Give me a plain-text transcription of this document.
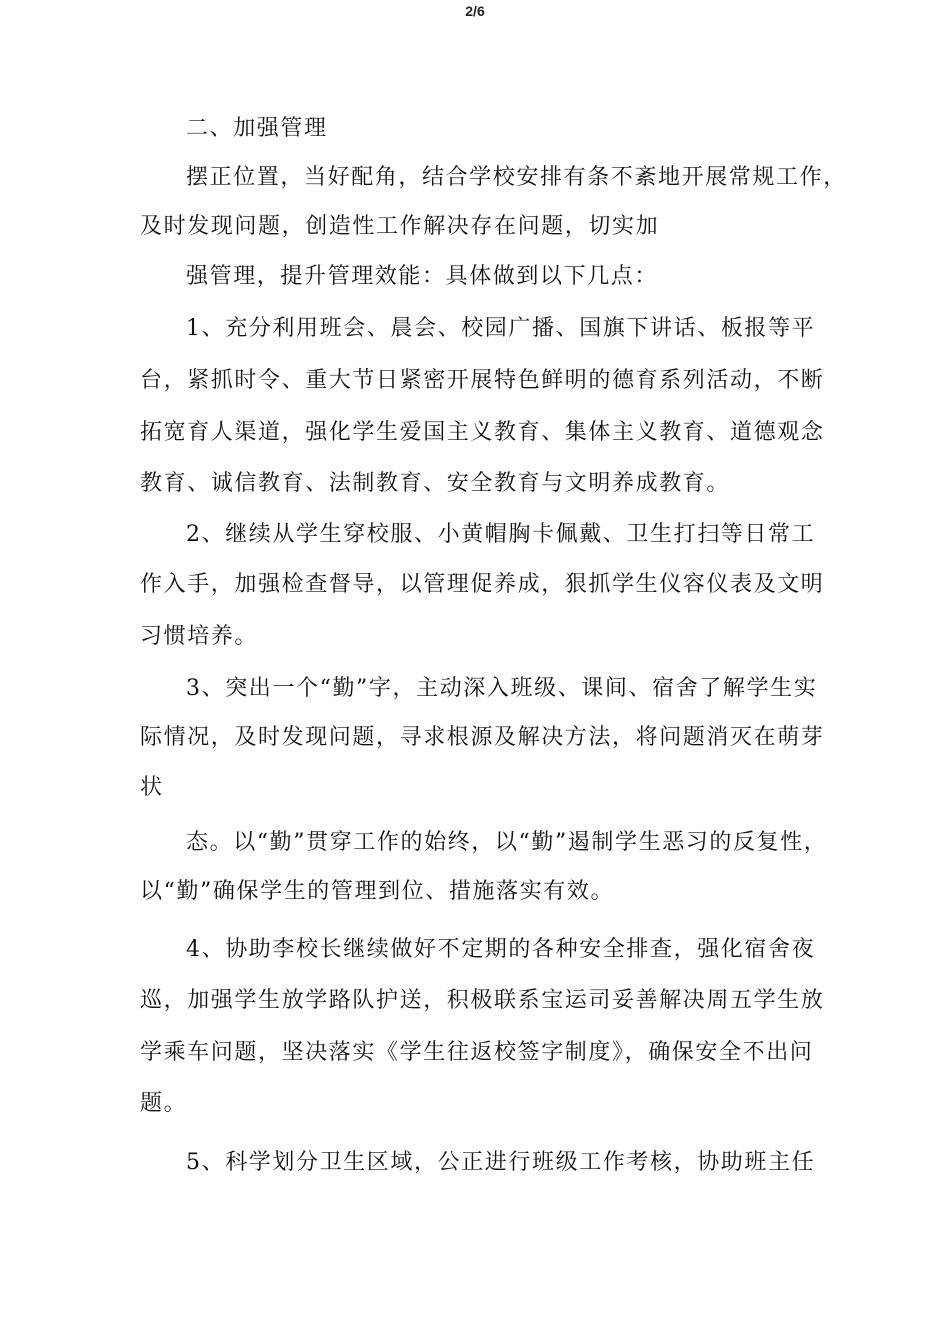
2/6
二、加强管理
摆正位置，当好配角，结合学校安排有条不紊地开展常规工作，
及时发现问题，创造性工作解决存在问题，切实加
强管理，提升管理效能：具体做到以下几点：
1、充分利用班会、晨会、校园广播、国旗下讲话、板报等平
台，紧抓时令、重大节日紧密开展特色鲜明的德育系列活动，不断
拓宽育人渠道，强化学生爱国主义教育、集体主义教育、道德观念
教育、诚信教育、法制教育、安全教育与文明养成教育。
2、继续从学生穿校服、小黄帽胸卡佩戴、卫生打扫等日常工
作入手，加强检查督导，以管理促养成，狠抓学生仪容仪表及文明
习惯培养。
3、突出一个“勤”字，主动深入班级、课间、宿舍了解学生实
际情况，及时发现问题，寻求根源及解决方法，将问题消灭在萌芽
状
态。以“勤”贯穿工作的始终，以“勤”遏制学生恶习的反复性，
以“勤”确保学生的管理到位、措施落实有效。
4、协助李校长继续做好不定期的各种安全排查，强化宿舍夜
巡，加强学生放学路队护送，积极联系宝运司妥善解决周五学生放
学乘车问题，坚决落实《学生往返校签字制度》，确保安全不出问
题。
5、科学划分卫生区域，公正进行班级工作考核，协助班主任
